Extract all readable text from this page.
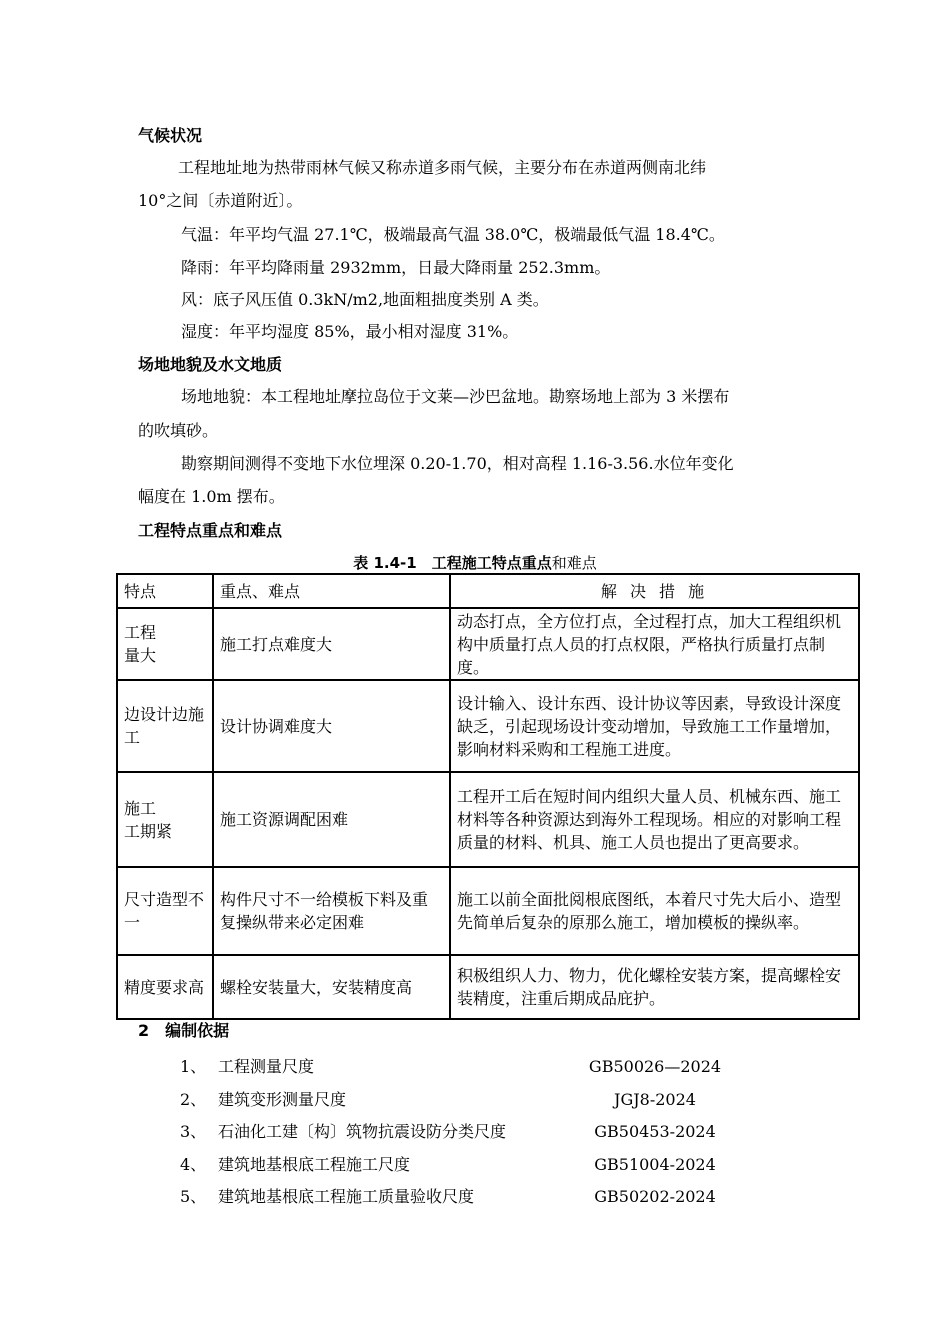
气候状况
工程地址地为热带雨林气候又称赤道多雨气候，主要分布在赤道两侧南北纬
10°之间〔赤道附近〕。
气温：年平均气温 27.1℃，极端最高气温 38.0℃，极端最低气温 18.4℃。
降雨：年平均降雨量 2932mm，日最大降雨量 252.3mm。
风：底子风压值 0.3kN/m2,地面粗拙度类别 A 类。
湿度：年平均湿度 85%，最小相对湿度 31%。
场地地貌及水文地质
场地地貌：本工程地址摩拉岛位于文莱—沙巴盆地。勘察场地上部为 3 米摆布
的吹填砂。
勘察期间测得不变地下水位埋深 0.20-1.70，相对高程 1.16-3.56.水位年变化
幅度在 1.0m 摆布。
工程特点重点和难点
表 1.4-1　工程施工特点重点和难点
特点	重点、难点	解 决 措 施
工程
量大	施工打点难度大	动态打点，全方位打点，全过程打点，加大工程组织机构中质量打点人员的打点权限，严格执行质量打点制度。
边设计边施工	设计协调难度大	设计输入、设计东西、设计协议等因素，导致设计深度缺乏，引起现场设计变动增加，导致施工工作量增加，影响材料采购和工程施工进度。
施工
工期紧	施工资源调配困难	工程开工后在短时间内组织大量人员、机械东西、施工材料等各种资源达到海外工程现场。相应的对影响工程质量的材料、机具、施工人员也提出了更高要求。
尺寸造型不一	构件尺寸不一给模板下料及重复操纵带来必定困难	施工以前全面批阅根底图纸，本着尺寸先大后小、造型先简单后复杂的原那么施工，增加模板的操纵率。
精度要求高	螺栓安装量大，安装精度高	积极组织人力、物力，优化螺栓安装方案，提高螺栓安装精度，注重后期成品庇护。
2　编制依据
1、 工程测量尺度	GB50026—2024
2、 建筑变形测量尺度	JGJ8-2024
3、 石油化工建〔构〕筑物抗震设防分类尺度	GB50453-2024
4、 建筑地基根底工程施工尺度	GB51004-2024
5、 建筑地基根底工程施工质量验收尺度	GB50202-2024
